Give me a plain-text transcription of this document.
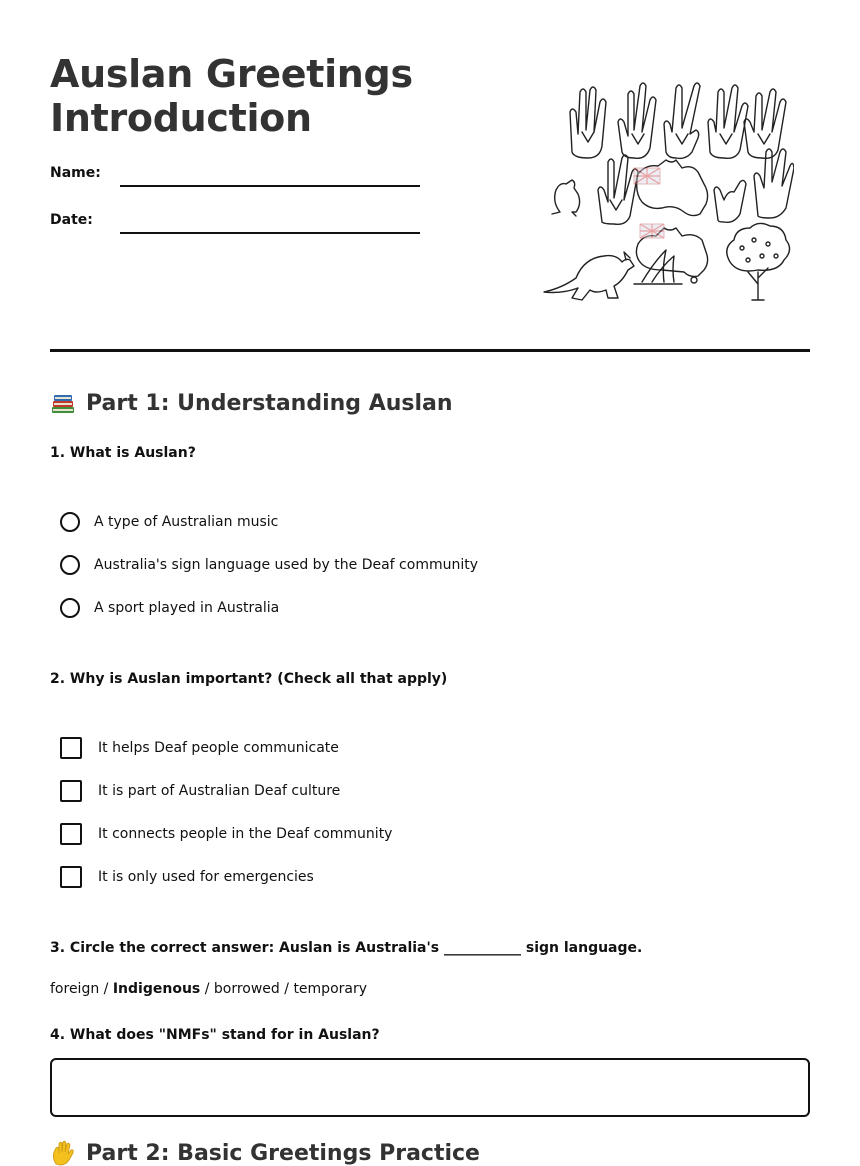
Auslan Greetings
Introduction
Name:
Date:
Part 1: Understanding Auslan
1. What is Auslan?
A type of Australian music
Australia's sign language used by the Deaf community
A sport played in Australia
2. Why is Auslan important? (Check all that apply)
It helps Deaf people communicate
It is part of Australian Deaf culture
It connects people in the Deaf community
It is only used for emergencies
3. Circle the correct answer: Auslan is Australia's ___________ sign language.
foreign / Indigenous / borrowed / temporary
4. What does "NMFs" stand for in Auslan?
Part 2: Basic Greetings Practice
